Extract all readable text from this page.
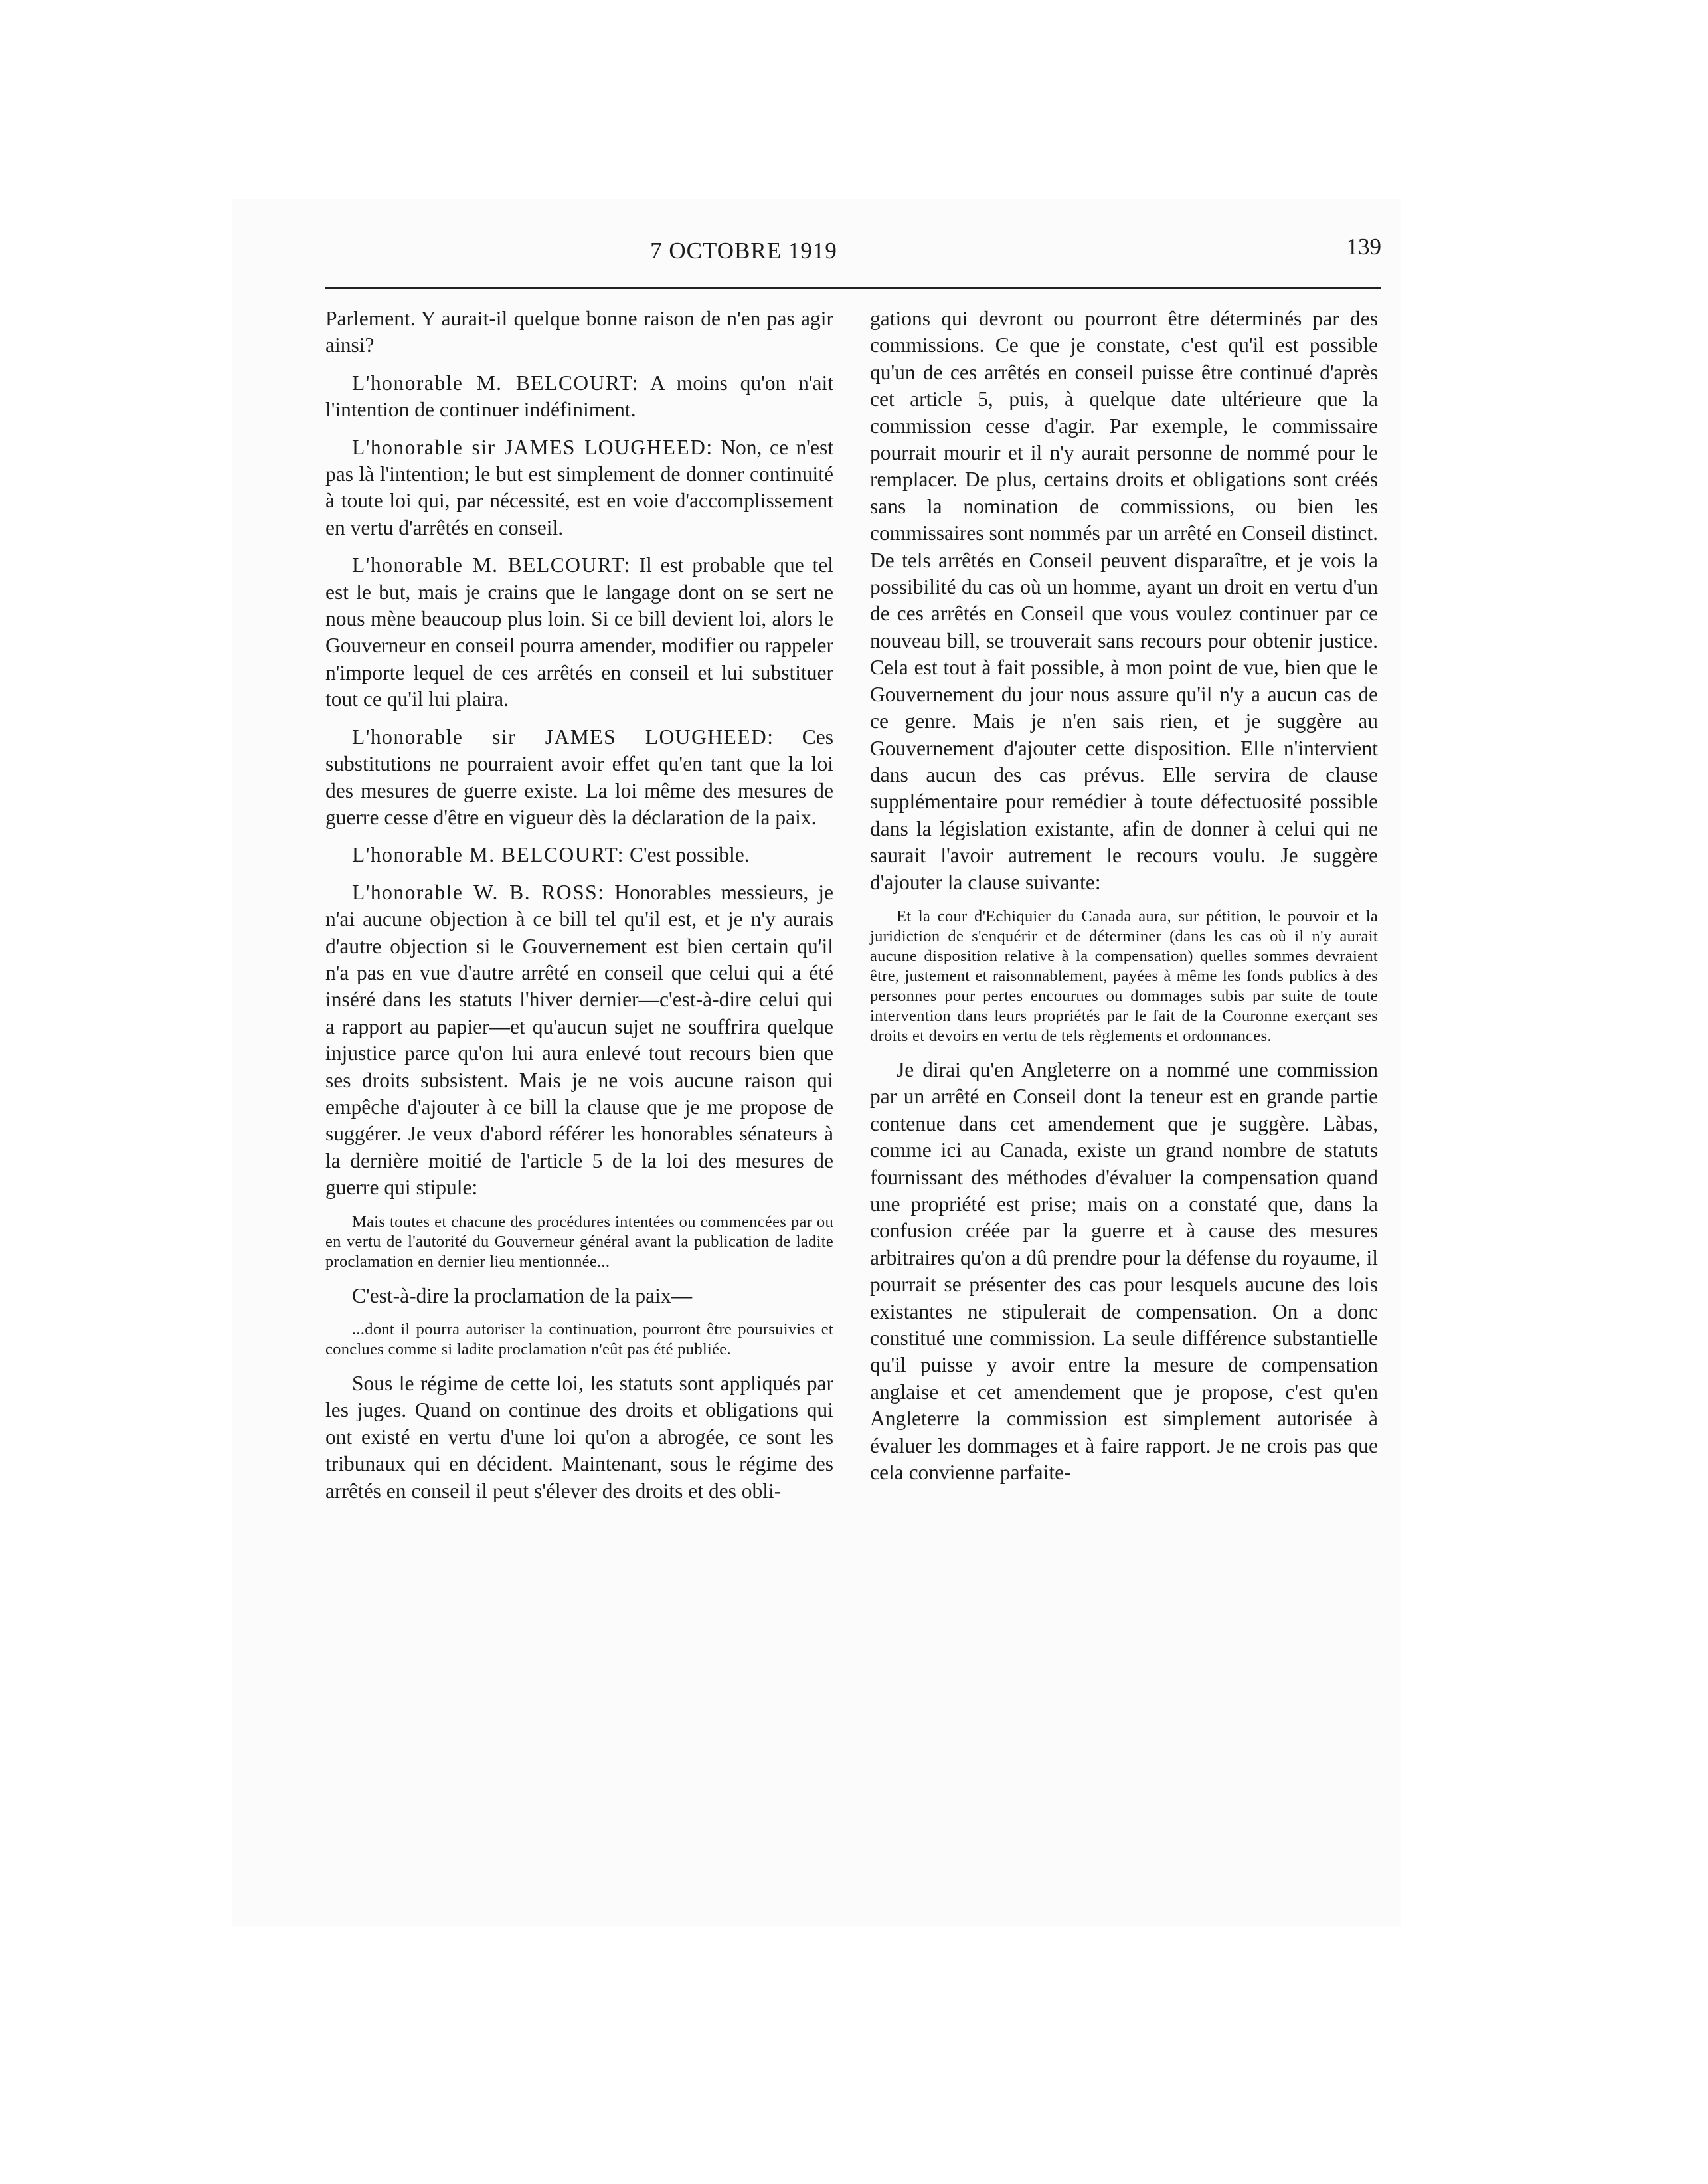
7 OCTOBRE 1919	139

Parlement. Y aurait-il quelque bonne raison de n'en pas agir ainsi?

L'honorable M. BELCOURT: A moins qu'on n'ait l'intention de continuer indéfiniment.

L'honorable sir JAMES LOUGHEED: Non, ce n'est pas là l'intention; le but est simplement de donner continuité à toute loi qui, par nécessité, est en voie d'accomplissement en vertu d'arrêtés en conseil.

L'honorable M. BELCOURT: Il est probable que tel est le but, mais je crains que le langage dont on se sert ne nous mène beaucoup plus loin. Si ce bill devient loi, alors le Gouverneur en conseil pourra amender, modifier ou rappeler n'importe lequel de ces arrêtés en conseil et lui substituer tout ce qu'il lui plaira.

L'honorable sir JAMES LOUGHEED: Ces substitutions ne pourraient avoir effet qu'en tant que la loi des mesures de guerre existe. La loi même des mesures de guerre cesse d'être en vigueur dès la déclaration de la paix.

L'honorable M. BELCOURT: C'est possible.

L'honorable W. B. ROSS: Honorables messieurs, je n'ai aucune objection à ce bill tel qu'il est, et je n'y aurais d'autre objection si le Gouvernement est bien certain qu'il n'a pas en vue d'autre arrêté en conseil que celui qui a été inséré dans les statuts l'hiver dernier—c'est-à-dire celui qui a rapport au papier—et qu'aucun sujet ne souffrira quelque injustice parce qu'on lui aura enlevé tout recours bien que ses droits subsistent. Mais je ne vois aucune raison qui empêche d'ajouter à ce bill la clause que je me propose de suggérer. Je veux d'abord référer les honorables sénateurs à la dernière moitié de l'article 5 de la loi des mesures de guerre qui stipule:

Mais toutes et chacune des procédures intentées ou commencées par ou en vertu de l'autorité du Gouverneur général avant la publication de ladite proclamation en dernier lieu mentionnée...

C'est-à-dire la proclamation de la paix—

...dont il pourra autoriser la continuation, pourront être poursuivies et conclues comme si ladite proclamation n'eût pas été publiée.

Sous le régime de cette loi, les statuts sont appliqués par les juges. Quand on continue des droits et obligations qui ont existé en vertu d'une loi qu'on a abrogée, ce sont les tribunaux qui en décident. Maintenant, sous le régime des arrêtés en conseil il peut s'élever des droits et des obli-

gations qui devront ou pourront être déterminés par des commissions. Ce que je constate, c'est qu'il est possible qu'un de ces arrêtés en conseil puisse être continué d'après cet article 5, puis, à quelque date ultérieure que la commission cesse d'agir. Par exemple, le commissaire pourrait mourir et il n'y aurait personne de nommé pour le remplacer. De plus, certains droits et obligations sont créés sans la nomination de commissions, ou bien les commissaires sont nommés par un arrêté en Conseil distinct. De tels arrêtés en Conseil peuvent disparaître, et je vois la possibilité du cas où un homme, ayant un droit en vertu d'un de ces arrêtés en Conseil que vous voulez continuer par ce nouveau bill, se trouverait sans recours pour obtenir justice. Cela est tout à fait possible, à mon point de vue, bien que le Gouvernement du jour nous assure qu'il n'y a aucun cas de ce genre. Mais je n'en sais rien, et je suggère au Gouvernement d'ajouter cette disposition. Elle n'intervient dans aucun des cas prévus. Elle servira de clause supplémentaire pour remédier à toute défectuosité possible dans la législation existante, afin de donner à celui qui ne saurait l'avoir autrement le recours voulu. Je suggère d'ajouter la clause suivante:

Et la cour d'Echiquier du Canada aura, sur pétition, le pouvoir et la juridiction de s'enquérir et de déterminer (dans les cas où il n'y aurait aucune disposition relative à la compensation) quelles sommes devraient être, justement et raisonnablement, payées à même les fonds publics à des personnes pour pertes encourues ou dommages subis par suite de toute intervention dans leurs propriétés par le fait de la Couronne exerçant ses droits et devoirs en vertu de tels règlements et ordonnances.

Je dirai qu'en Angleterre on a nommé une commission par un arrêté en Conseil dont la teneur est en grande partie contenue dans cet amendement que je suggère. Làbas, comme ici au Canada, existe un grand nombre de statuts fournissant des méthodes d'évaluer la compensation quand une propriété est prise; mais on a constaté que, dans la confusion créée par la guerre et à cause des mesures arbitraires qu'on a dû prendre pour la défense du royaume, il pourrait se présenter des cas pour lesquels aucune des lois existantes ne stipulerait de compensation. On a donc constitué une commission. La seule différence substantielle qu'il puisse y avoir entre la mesure de compensation anglaise et cet amendement que je propose, c'est qu'en Angleterre la commission est simplement autorisée à évaluer les dommages et à faire rapport. Je ne crois pas que cela convienne parfaite-
